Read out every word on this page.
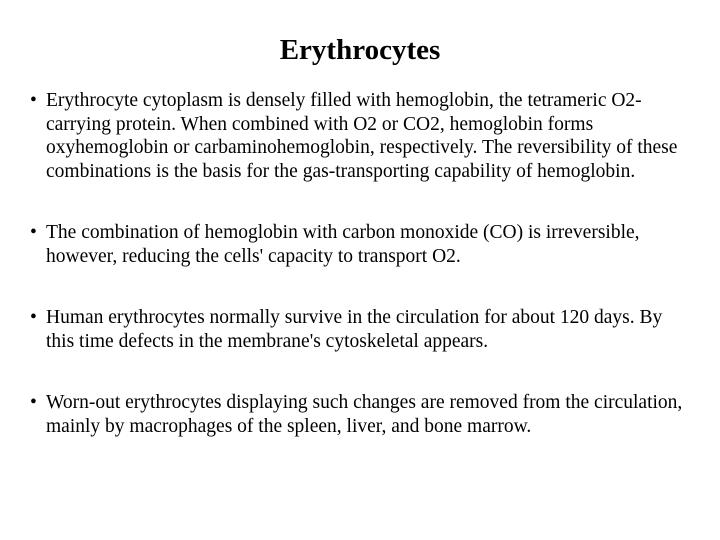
Erythrocytes
• Erythrocyte cytoplasm is densely filled with hemoglobin, the tetrameric O2-carrying protein. When combined with O2 or CO2, hemoglobin forms oxyhemoglobin or carbaminohemoglobin, respectively. The reversibility of these combinations is the basis for the gas-transporting capability of hemoglobin.
• The combination of hemoglobin with carbon monoxide (CO) is irreversible, however, reducing the cells' capacity to transport O2.
• Human erythrocytes normally survive in the circulation for about 120 days. By this time defects in the membrane's cytoskeletal appears.
• Worn-out erythrocytes displaying such changes are removed from the circulation, mainly by macrophages of the spleen, liver, and bone marrow.
